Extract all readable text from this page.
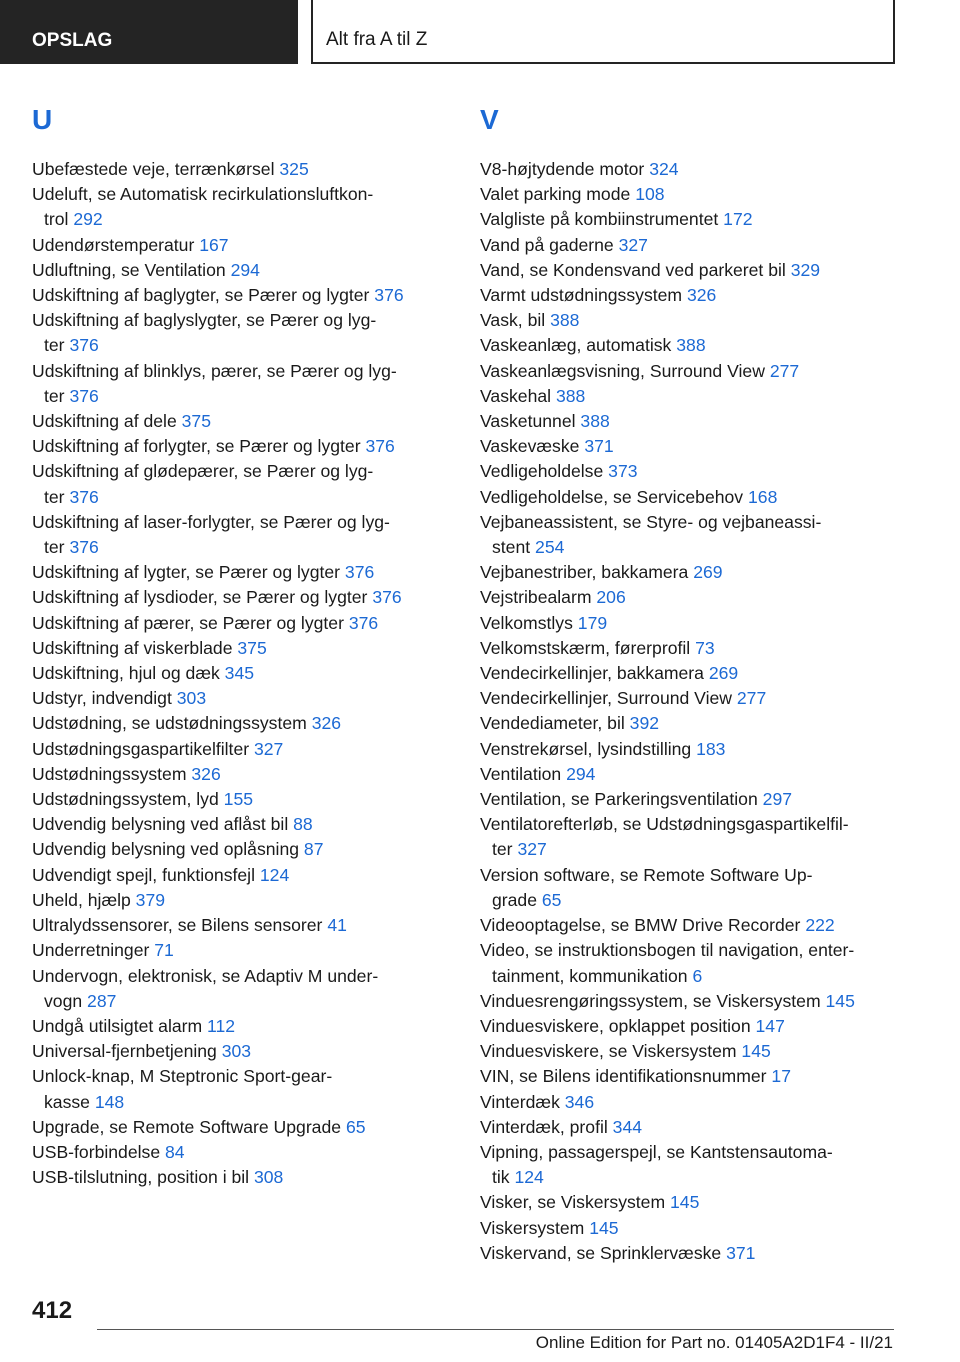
OPSLAG	Alt fra A til Z
U
Ubefæstede veje, terrænkørsel 325
Udeluft, se Automatisk recirkulationsluftkon-
trol 292
Udendørstemperatur 167
Udluftning, se Ventilation 294
Udskiftning af baglygter, se Pærer og lygter 376
Udskiftning af baglyslygter, se Pærer og lyg-
ter 376
Udskiftning af blinklys, pærer, se Pærer og lyg-
ter 376
Udskiftning af dele 375
Udskiftning af forlygter, se Pærer og lygter 376
Udskiftning af glødepærer, se Pærer og lyg-
ter 376
Udskiftning af laser-forlygter, se Pærer og lyg-
ter 376
Udskiftning af lygter, se Pærer og lygter 376
Udskiftning af lysdioder, se Pærer og lygter 376
Udskiftning af pærer, se Pærer og lygter 376
Udskiftning af viskerblade 375
Udskiftning, hjul og dæk 345
Udstyr, indvendigt 303
Udstødning, se udstødningssystem 326
Udstødningsgaspartikelfilter 327
Udstødningssystem 326
Udstødningssystem, lyd 155
Udvendig belysning ved aflåst bil 88
Udvendig belysning ved oplåsning 87
Udvendigt spejl, funktionsfejl 124
Uheld, hjælp 379
Ultralydssensorer, se Bilens sensorer 41
Underretninger 71
Undervogn, elektronisk, se Adaptiv M under-
vogn 287
Undgå utilsigtet alarm 112
Universal-fjernbetjening 303
Unlock-knap, M Steptronic Sport-gear-
kasse 148
Upgrade, se Remote Software Upgrade 65
USB-forbindelse 84
USB-tilslutning, position i bil 308
V
V8-højtydende motor 324
Valet parking mode 108
Valgliste på kombiinstrumentet 172
Vand på gaderne 327
Vand, se Kondensvand ved parkeret bil 329
Varmt udstødningssystem 326
Vask, bil 388
Vaskeanlæg, automatisk 388
Vaskeanlægsvisning, Surround View 277
Vaskehal 388
Vasketunnel 388
Vaskevæske 371
Vedligeholdelse 373
Vedligeholdelse, se Servicebehov 168
Vejbaneassistent, se Styre- og vejbaneassi-
stent 254
Vejbanestriber, bakkamera 269
Vejstribealarm 206
Velkomstlys 179
Velkomstskærm, førerprofil 73
Vendecirkellinjer, bakkamera 269
Vendecirkellinjer, Surround View 277
Vendediameter, bil 392
Venstrekørsel, lysindstilling 183
Ventilation 294
Ventilation, se Parkeringsventilation 297
Ventilatorefterløb, se Udstødningsgaspartikelfil-
ter 327
Version software, se Remote Software Up-
grade 65
Videooptagelse, se BMW Drive Recorder 222
Video, se instruktionsbogen til navigation, enter-
tainment, kommunikation 6
Vinduesrengøringssystem, se Viskersystem 145
Vinduesviskere, opklappet position 147
Vinduesviskere, se Viskersystem 145
VIN, se Bilens identifikationsnummer 17
Vinterdæk 346
Vinterdæk, profil 344
Vipning, passagerspejl, se Kantstensautoma-
tik 124
Visker, se Viskersystem 145
Viskersystem 145
Viskervand, se Sprinklervæske 371
412
Online Edition for Part no. 01405A2D1F4 - II/21
